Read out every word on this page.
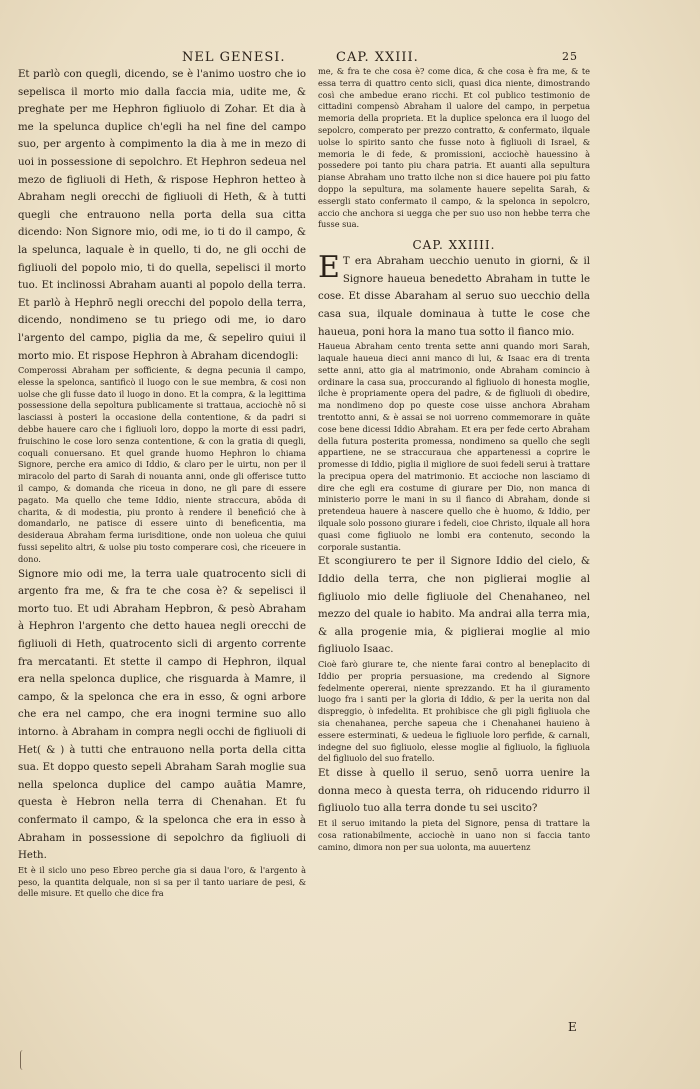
NEL GENESI.	CAP. XXIII.	25

Et parlò con quegli, dicendo, se è l'animo uostro che io sepelisca il morto mio dalla faccia mia, udite me, & preghate per me Hephron figliuolo di Zohar. Et dia à me la spelunca duplice ch'egli ha nel fine del campo suo, per argento à compimento la dia à me in mezo di uoi in possessione di sepolchro. Et Hephron sedeua nel mezo de figliuoli di Heth, & rispose Hephron hetteo à Abraham negli orecchi de figliuoli di Heth, & à tutti quegli che entrauono nella porta della sua citta dicendo: Non Signore mio, odi me, io ti do il campo, & la spelunca, laquale è in quello, ti do, ne gli occhi de figliuoli del popolo mio, ti do quella, sepelisci il morto tuo. Et inclinossi Abraham auanti al popolo della terra. Et parlò à Hephrō negli orecchi del popolo della terra, dicendo, nondimeno se tu priego odi me, io daro l'argento del campo, piglia da me, & sepeliro quiui il morto mio. Et rispose Hephron à Abraham dicendogli:

Comperossi Abraham per sofficiente, & degna pecunia il campo, elesse la spelonca, santificò il luogo con le sue membra, & cosi non uolse che gli fusse dato il luogo in dono. Et la compra, & la legittima possessione della sepoltura publicamente si trattaua, acciochè nō si lasciassi à posteri la occasione della contentione, & da padri si debbe hauere caro che i figliuoli loro, doppo la morte di essi padri, fruischino le cose loro senza contentione, & con la gratia di quegli, coquali conuersano. Et quel grande huomo Hephron lo chiama Signore, perche era amico di Iddio, & claro per le uirtu, non per il miracolo del parto di Sarah di nouanta anni, onde gli offerisce tutto il campo, & domanda che riceua in dono, ne gli pare di essere pagato. Ma quello che teme Iddio, niente straccura, abōda di charita, & di modestia, piu pronto à rendere il benefició che à domandarlo, ne patisce di essere uinto di beneficentia, ma desideraua Abraham ferma iurisditione, onde non uoleua che quiui fussi sepelito altri, & uolse piu tosto comperare così, che riceuere in dono.

Signore mio odi me, la terra uale quatrocento sicli di argento fra me, & fra te che cosa è? & sepelisci il morto tuo. Et udi Abraham Hepbron, & pesò Abraham à Hephron l'argento che detto hauea negli orecchi de figliuoli di Heth, quatrocento sicli di argento corrente fra mercatanti. Et stette il campo di Hephron, ilqual era nella spelonca duplice, che risguarda à Mamre, il campo, & la spelonca che era in esso, & ogni arbore che era nel campo, che era inogni termine suo allo intorno. à Abraham in compra negli occhi de figliuoli di Het( & ) à tutti che entrauono nella porta della citta sua. Et doppo questo sepeli Abraham Sarah moglie sua nella spelonca duplice del campo auātia Mamre, questa è Hebron nella terra di Chenahan. Et fu confermato il campo, & la spelonca che era in esso à Abraham in possessione di sepolchro da figliuoli di Heth.

Et è il siclo uno peso Ebreo perche gia si daua l'oro, & l'argento à peso, la quantita delquale, non si sa per il tanto uariare de pesi, & delle misure. Et quello che dice fra

me, & fra te che cosa è? come dica, & che cosa è fra me, & te essa terra di quattro cento sicli, quasi dica niente, dimostrando così che ambedue erano ricchi. Et col publico testimonio de cittadini compensò Abraham il ualore del campo, in perpetua memoria della proprieta. Et la duplice spelonca era il luogo del sepolcro, comperato per prezzo contratto, & confermato, ilquale uolse lo spirito santo che fusse noto à figliuoli di Israel, & memoria le di fede, & promissioni, acciochè hauessino à possedere poi tanto piu chara patria. Et auanti alla sepultura pianse Abraham uno tratto ilche non si dice hauere poi piu fatto doppo la sepultura, ma solamente hauere sepelita Sarah, & essergli stato confermato il campo, & la spelonca in sepolcro, accio che anchora si uegga che per suo uso non hebbe terra che fusse sua.

CAP. XXIIII.

E T era Abraham uecchio uenuto in giorni, & il Signore haueua benedetto Abraham in tutte le cose. Et disse Abaraham al seruo suo uecchio della casa sua, ilquale dominaua à tutte le cose che haueua, poni hora la mano tua sotto il fianco mio.

Haueua Abraham cento trenta sette anni quando mori Sarah, laquale haueua dieci anni manco di lui, & Isaac era di trenta sette anni, atto gia al matrimonio, onde Abraham comincio à ordinare la casa sua, proccurando al figliuolo di honesta moglie, ilche è propriamente opera del padre, & de figliuoli di obedire, ma nondimeno dop po queste cose uisse anchora Abraham trentotto anni, & è assai se noi uorreno commemorare in quāte cose bene dicessi Iddio Abraham. Et era per fede certo Abraham della futura posterita promessa, nondimeno sa quello che segli appartiene, ne se straccuraua che appartenessi a coprire le promesse di Iddio, piglia il migliore de suoi fedeli serui à trattare la precipua opera del matrimonio. Et accioche non lasciamo di dire che egli era costume di giurare per Dio, non manca di ministerio porre le mani in su il fianco di Abraham, donde si pretendeua hauere à nascere quello che è huomo, & Iddio, per ilquale solo possono giurare i fedeli, cioe Christo, ilquale all hora quasi come figliuolo ne lombi era contenuto, secondo la corporale sustantia.

Et scongiurero te per il Signore Iddio del cielo, & Iddio della terra, che non piglierai moglie al figliuolo mio delle figliuole del Chenahaneo, nel mezzo del quale io habito. Ma andrai alla terra mia, & alla progenie mia, & piglierai moglie al mio figliuolo Isaac.

Cioè farò giurare te, che niente farai contro al beneplacito di Iddio per propria persuasione, ma credendo al Signore fedelmente opererai, niente sprezzando. Et ha il giuramento luogo fra i santi per la gloria di Iddio, & per la uerita non dal dispreggio, ò infedelita. Et prohibisce che gli pigli figliuola che sia chenahanea, perche sapeua che i Chenahanei hauieno à essere esterminati, & uedeua le figliuole loro perfide, & carnali, indegne del suo figliuolo, elesse moglie al figliuolo, la figliuola del figliuolo del suo fratello.

Et disse à quello il seruo, senō uorra uenire la donna meco à questa terra, oh riducendo ridurro il figliuolo tuo alla terra donde tu sei uscito?

Et il seruo imitando la pieta del Signore, pensa di trattare la cosa rationabilmente, acciochè in uano non si faccia tanto camino, dimora non per sua uolonta, ma auuertenz

E
